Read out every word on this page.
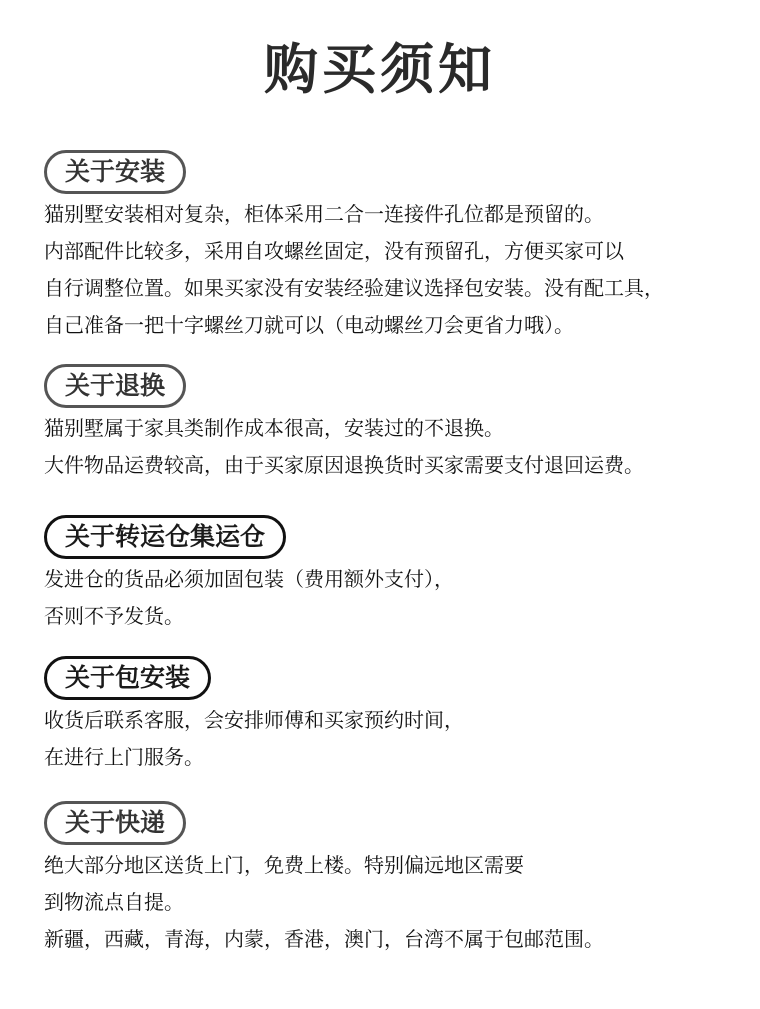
购买须知
关于安装
猫别墅安装相对复杂，柜体采用二合一连接件孔位都是预留的。
内部配件比较多，采用自攻螺丝固定，没有预留孔，方便买家可以
自行调整位置。如果买家没有安装经验建议选择包安装。没有配工具，
自己准备一把十字螺丝刀就可以（电动螺丝刀会更省力哦）。
关于退换
猫别墅属于家具类制作成本很高，安装过的不退换。
大件物品运费较高，由于买家原因退换货时买家需要支付退回运费。
关于转运仓集运仓
发进仓的货品必须加固包装（费用额外支付），
否则不予发货。
关于包安装
收货后联系客服，会安排师傅和买家预约时间，
在进行上门服务。
关于快递
绝大部分地区送货上门，免费上楼。特别偏远地区需要
到物流点自提。
新疆，西藏，青海，内蒙，香港，澳门，台湾不属于包邮范围。
